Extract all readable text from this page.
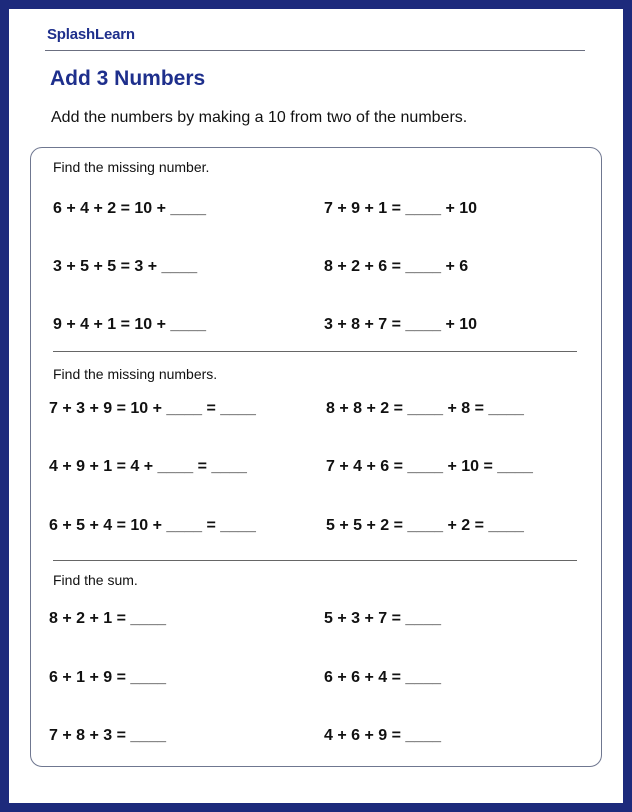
SplashLearn
Add 3 Numbers
Add the numbers by making a 10 from two of the numbers.
Find the missing number.
6 + 4 + 2 = 10 + ____	7 + 9 + 1 = ____ + 10
3 + 5 + 5 = 3 + ____	8 + 2 + 6 = ____ + 6
9 + 4 + 1 = 10 + ____	3 + 8 + 7 = ____ + 10
Find the missing numbers.
7 + 3 + 9 = 10 + ____ = ____	8 + 8 + 2 = ____ + 8 = ____
4 + 9 + 1 = 4 + ____ = ____	7 + 4 + 6 = ____ + 10 = ____
6 + 5 + 4 = 10 + ____ = ____	5 + 5 + 2 = ____ + 2 = ____
Find the sum.
8 + 2 + 1 = ____	5 + 3 + 7 = ____
6 + 1 + 9 = ____	6 + 6 + 4 = ____
7 + 8 + 3 = ____	4 + 6 + 9 = ____
